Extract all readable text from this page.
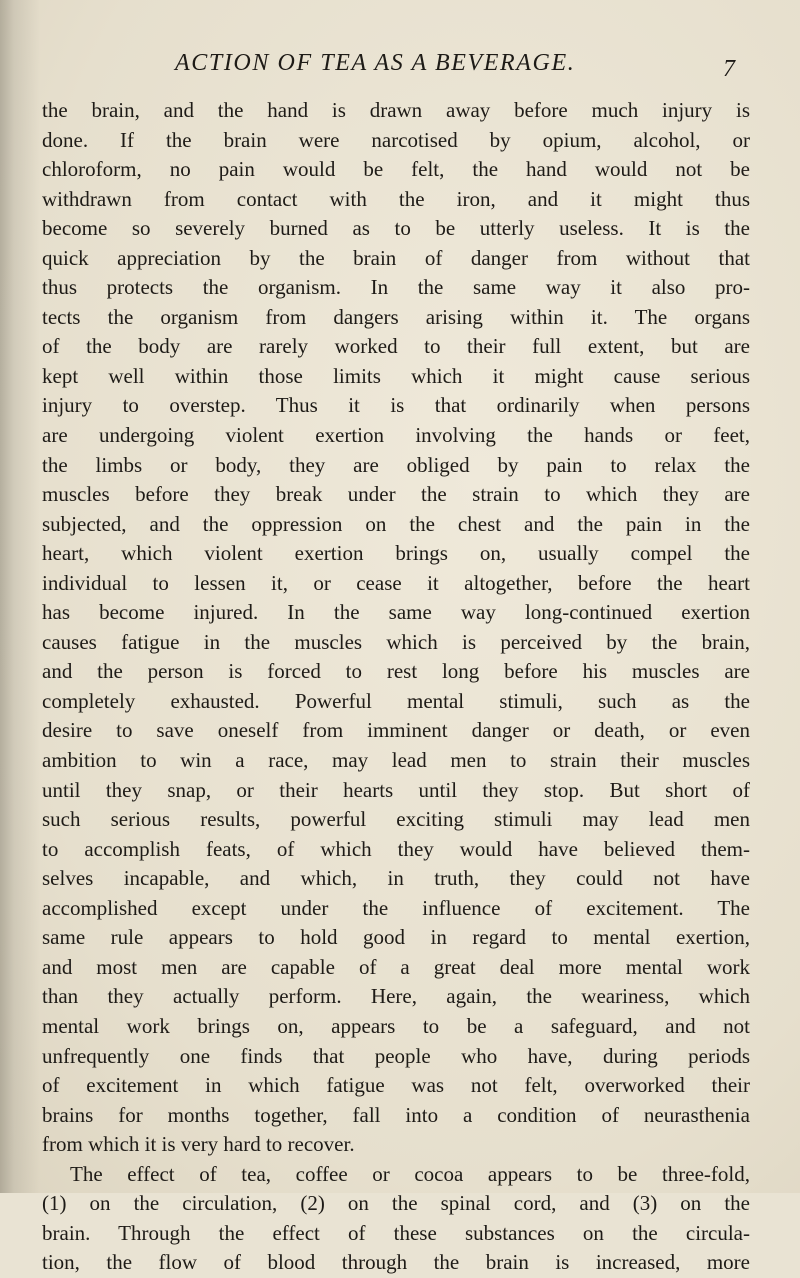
ACTION OF TEA AS A BEVERAGE.	7
the brain, and the hand is drawn away before much injury is
done. If the brain were narcotised by opium, alcohol, or
chloroform, no pain would be felt, the hand would not be
withdrawn from contact with the iron, and it might thus
become so severely burned as to be utterly useless. It is the
quick appreciation by the brain of danger from without that
thus protects the organism. In the same way it also pro-
tects the organism from dangers arising within it. The organs
of the body are rarely worked to their full extent, but are
kept well within those limits which it might cause serious
injury to overstep. Thus it is that ordinarily when persons
are undergoing violent exertion involving the hands or feet,
the limbs or body, they are obliged by pain to relax the
muscles before they break under the strain to which they are
subjected, and the oppression on the chest and the pain in the
heart, which violent exertion brings on, usually compel the
individual to lessen it, or cease it altogether, before the heart
has become injured. In the same way long-continued exertion
causes fatigue in the muscles which is perceived by the brain,
and the person is forced to rest long before his muscles are
completely exhausted. Powerful mental stimuli, such as the
desire to save oneself from imminent danger or death, or even
ambition to win a race, may lead men to strain their muscles
until they snap, or their hearts until they stop. But short of
such serious results, powerful exciting stimuli may lead men
to accomplish feats, of which they would have believed them-
selves incapable, and which, in truth, they could not have
accomplished except under the influence of excitement. The
same rule appears to hold good in regard to mental exertion,
and most men are capable of a great deal more mental work
than they actually perform. Here, again, the weariness, which
mental work brings on, appears to be a safeguard, and not
unfrequently one finds that people who have, during periods
of excitement in which fatigue was not felt, overworked their
brains for months together, fall into a condition of neurasthenia
from which it is very hard to recover.
The effect of tea, coffee or cocoa appears to be three-fold,
(1) on the circulation, (2) on the spinal cord, and (3) on the
brain. Through the effect of these substances on the circula-
tion, the flow of blood through the brain is increased, more
